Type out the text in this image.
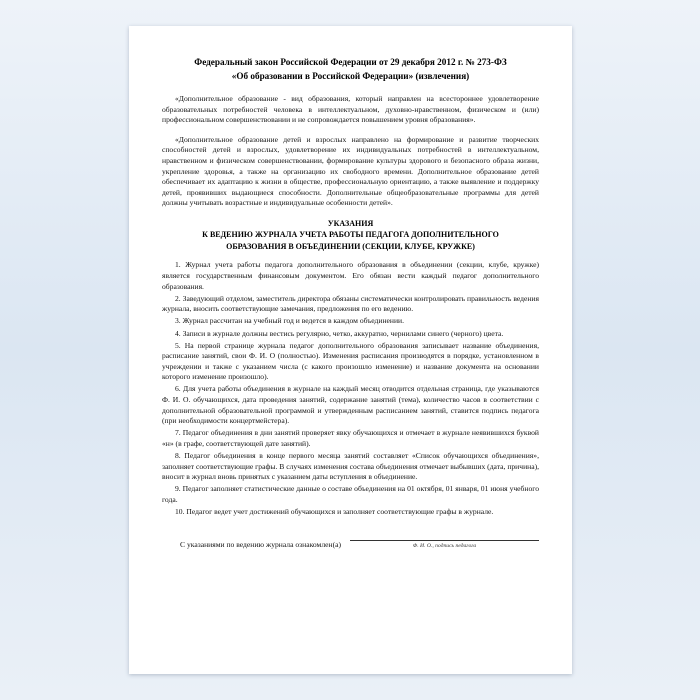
Федеральный закон Российской Федерации от 29 декабря 2012 г. № 273-ФЗ
«Об образовании в Российской Федерации» (извлечения)

«Дополнительное образование - вид образования, который направлен на всестороннее удовлетворение образовательных потребностей человека в интеллектуальном, духовно-нравственном, физическом и (или) профессиональном совершенствовании и не сопровождается повышением уровня образования».

«Дополнительное образование детей и взрослых направлено на формирование и развитие творческих способностей детей и взрослых, удовлетворение их индивидуальных потребностей в интеллектуальном, нравственном и физическом совершенствовании, формирование культуры здорового и безопасного образа жизни, укрепление здоровья, а также на организацию их свободного времени. Дополнительное образование детей обеспечивает их адаптацию к жизни в обществе, профессиональную ориентацию, а также выявление и поддержку детей, проявивших выдающиеся способности. Дополнительные общеобразовательные программы для детей должны учитывать возрастные и индивидуальные особенности детей».

УКАЗАНИЯ
К ВЕДЕНИЮ ЖУРНАЛА УЧЕТА РАБОТЫ ПЕДАГОГА ДОПОЛНИТЕЛЬНОГО
ОБРАЗОВАНИЯ В ОБЪЕДИНЕНИИ (СЕКЦИИ, КЛУБЕ, КРУЖКЕ)
1. Журнал учета работы педагога дополнительного образования в объединении (секции, клубе, кружке) является государственным финансовым документом. Его обязан вести каждый педагог дополнительного образования.
2. Заведующий отделом, заместитель директора обязаны систематически контролировать правильность ведения журнала, вносить соответствующие замечания, предложения по его ведению.
3. Журнал рассчитан на учебный год и ведется в каждом объединении.
4. Записи в журнале должны вестись регулярно, четко, аккуратно, чернилами синего (черного) цвета.
5. На первой странице журнала педагог дополнительного образования записывает название объединения, расписание занятий, свои Ф. И. О (полностью). Изменения расписания производятся в порядке, установленном в учреждении и также с указанием числа (с какого произошло изменение) и название документа на основании которого изменение произошло).
6. Для учета работы объединения в журнале на каждый месяц отводится отдельная страница, где указываются Ф. И. О. обучающихся, дата проведения занятий, содержание занятий (тема), количество часов в соответствии с дополнительной образовательной программой и утвержденным расписанием занятий, ставится подпись педагога (при необходимости концертмейстера).
7. Педагог объединения в дни занятий проверяет явку обучающихся и отмечает в журнале неявившихся буквой «н» (в графе, соответствующей дате занятий).
8. Педагог объединения в конце первого месяца занятий составляет «Список обучающихся объединения», заполняет соответствующие графы. В случаях изменения состава объединения отмечает выбывших (дата, причина), вносит в журнал вновь принятых с указанием даты вступления в объединение.
9. Педагог заполняет статистические данные о составе объединения на 01 октября, 01 января, 01 июня учебного года.
10. Педагог ведет учет достижений обучающихся и заполняет соответствующие графы в журнале.
С указаниями по ведению журнала ознакомлен(а)	Ф. И. О., подпись педагога
